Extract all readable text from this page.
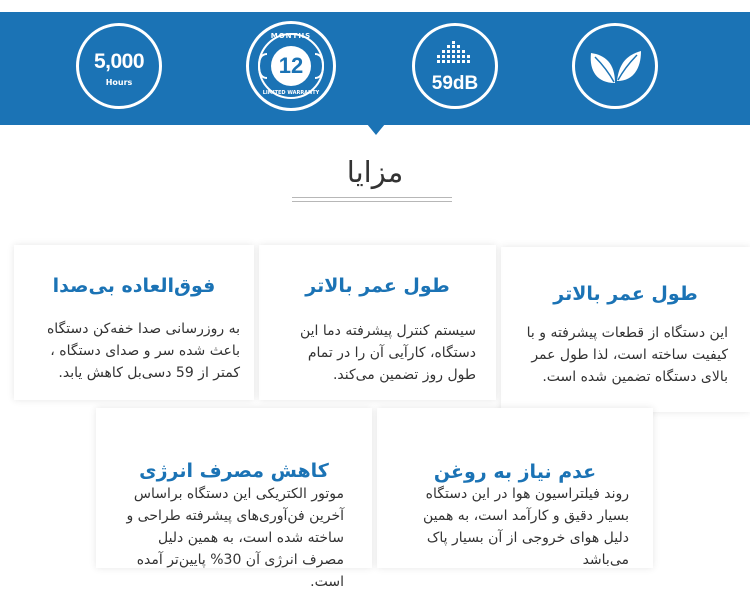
5,000
Hours
MONTHS
12
LIMITED WARRANTY	59dB
مزایا
طول عمر بالاتر
این دستگاه از قطعات پیشرفته و با کیفیت ساخته است، لذا طول عمر بالای دستگاه تضمین شده است.
طول عمر بالاتر
سیستم کنترل پیشرفته دما این دستگاه، کارآیی آن را در تمام طول روز تضمین می‌کند.
فوق‌العاده بی‌صدا
به روزرسانی صدا خفه‌کن دستگاه باعث شده سر و صدای دستگاه ، کمتر از 59 دسی‌بل کاهش یابد.
عدم نیاز به روغن
روند فیلتراسیون هوا در این دستگاه بسیار دقیق و کارآمد است، به همین دلیل هوای خروجی از آن بسیار پاک می‌باشد
کاهش مصرف انرژی
موتور الکتریکی این دستگاه براساس آخرین فن‌آوری‌های پیشرفته طراحی و ساخته شده است، به همین دلیل مصرف انرژی آن 30% پایین‌تر آمده است.
